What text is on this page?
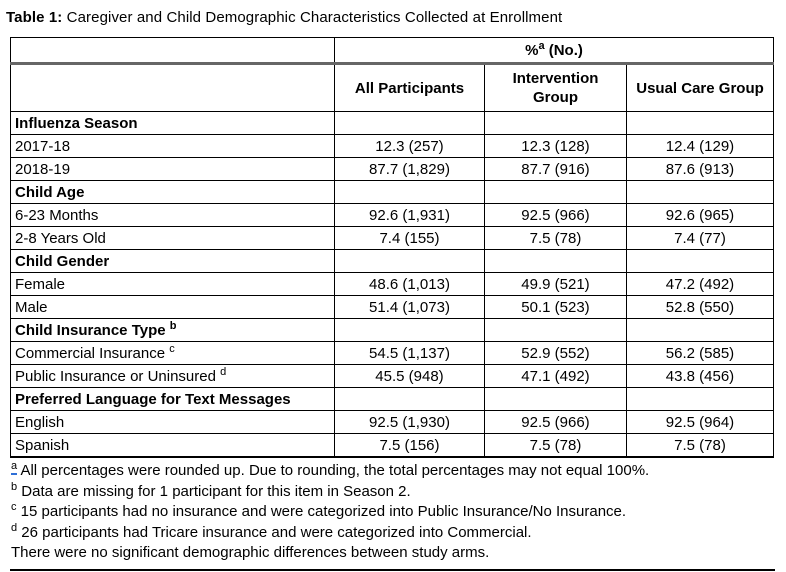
Table 1: Caregiver and Child Demographic Characteristics Collected at Enrollment
	%$^a$ (No.)		
	All Participants	Intervention Group	Usual Care Group
Influenza Season			
2017-18	12.3 (257)	12.3 (128)	12.4 (129)
2018-19	87.7 (1,829)	87.7 (916)	87.6 (913)
Child Age			
6-23 Months	92.6 (1,931)	92.5 (966)	92.6 (965)
2-8 Years Old	7.4 (155)	7.5 (78)	7.4 (77)
Child Gender			
Female	48.6 (1,013)	49.9 (521)	47.2 (492)
Male	51.4 (1,073)	50.1 (523)	52.8 (550)
Child Insurance Type $^b$			
Commercial Insurance $^c$	54.5 (1,137)	52.9 (552)	56.2 (585)
Public Insurance or Uninsured $^d$	45.5 (948)	47.1 (492)	43.8 (456)
Preferred Language for Text Messages			
English	92.5 (1,930)	92.5 (966)	92.5 (964)
Spanish	7.5 (156)	7.5 (78)	7.5 (78)
$^a$ All percentages were rounded up. Due to rounding, the total percentages may not equal 100%.
$^b$ Data are missing for 1 participant for this item in Season 2.
$^c$ 15 participants had no insurance and were categorized into Public Insurance/No Insurance.
$^d$ 26 participants had Tricare insurance and were categorized into Commercial.
There were no significant demographic differences between study arms.
